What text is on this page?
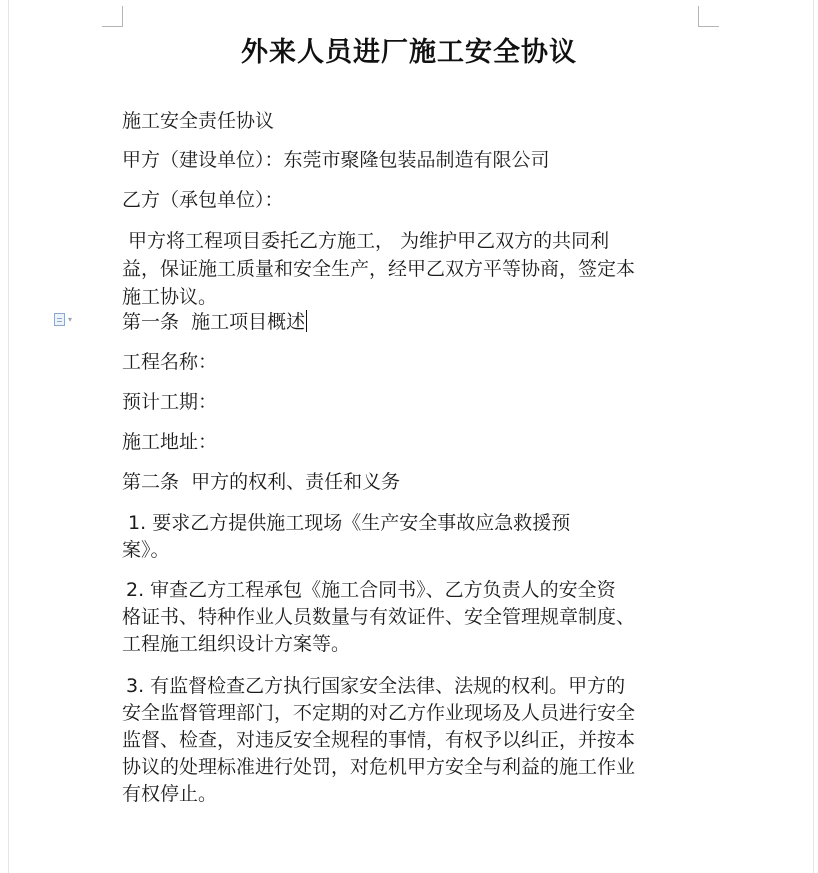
外来人员进厂施工安全协议
施工安全责任协议
甲方（建设单位）：东莞市聚隆包装品制造有限公司
乙方（承包单位）：
甲方将工程项目委托乙方施工， 为维护甲乙双方的共同利
益，保证施工质量和安全生产，经甲乙双方平等协商，签定本
施工协议。
▾	第一条  施工项目概述
工程名称：
预计工期：
施工地址：
第二条  甲方的权利、责任和义务
1. 要求乙方提供施工现场《生产安全事故应急救援预
案》。
2. 审查乙方工程承包《施工合同书》、乙方负责人的安全资
格证书、特种作业人员数量与有效证件、安全管理规章制度、
工程施工组织设计方案等。
3. 有监督检查乙方执行国家安全法律、法规的权利。甲方的
安全监督管理部门，不定期的对乙方作业现场及人员进行安全
监督、检查，对违反安全规程的事情，有权予以纠正，并按本
协议的处理标准进行处罚，对危机甲方安全与利益的施工作业
有权停止。
